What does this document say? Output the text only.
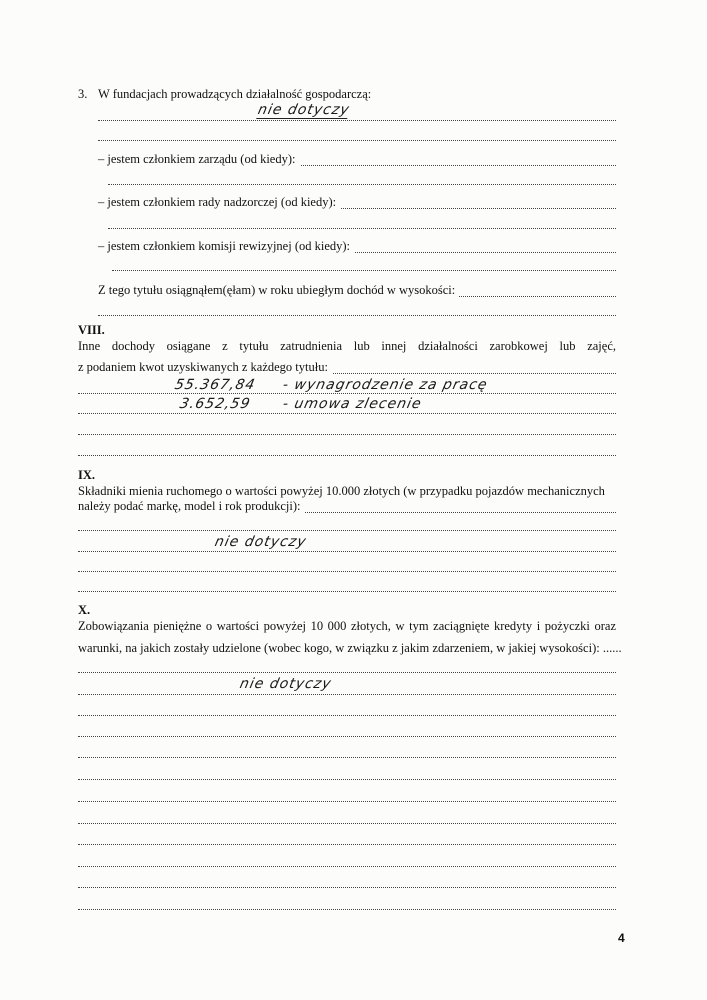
3. W fundacjach prowadzących działalność gospodarczą:
nie dotyczy
– jestem członkiem zarządu (od kiedy):
– jestem członkiem rady nadzorczej (od kiedy):
– jestem członkiem komisji rewizyjnej (od kiedy):
Z tego tytułu osiągnąłem(ęłam) w roku ubiegłym dochód w wysokości:
VIII.
Inne dochody osiągane z tytułu zatrudnienia lub innej działalności zarobkowej lub zajęć,
z podaniem kwot uzyskiwanych z każdego tytułu:
55.367,84 - wynagrodzenie za pracę
3.652,59 - umowa zlecenie
IX.
Składniki mienia ruchomego o wartości powyżej 10.000 złotych (w przypadku pojazdów mechanicznych
należy podać markę, model i rok produkcji):
nie dotyczy
X.
Zobowiązania pieniężne o wartości powyżej 10 000 złotych, w tym zaciągnięte kredyty i pożyczki oraz
warunki, na jakich zostały udzielone (wobec kogo, w związku z jakim zdarzeniem, w jakiej wysokości): ......
nie dotyczy
4
